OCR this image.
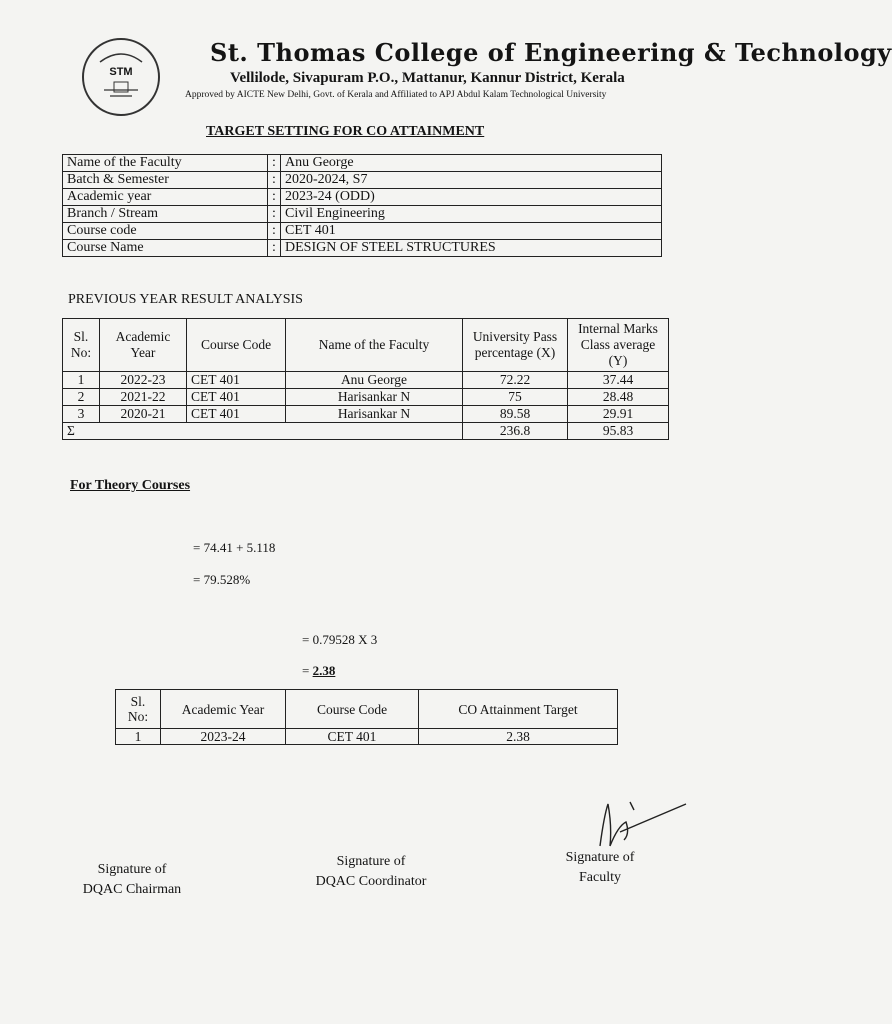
STM
St. Thomas College of Engineering & Technology
Vellilode, Sivapuram P.O., Mattanur, Kannur District, Kerala
Approved by AICTE New Delhi, Govt. of Kerala and Affiliated to APJ Abdul Kalam Technological University
TARGET SETTING FOR CO ATTAINMENT
Name of the Faculty	:	Anu George
Batch & Semester	:	2020-2024, S7
Academic year	:	2023-24 (ODD)
Branch / Stream	:	Civil Engineering
Course code	:	CET 401
Course Name	:	DESIGN OF STEEL STRUCTURES
PREVIOUS YEAR RESULT ANALYSIS
Sl. No:	Academic Year	Course Code	Name of the Faculty	University Pass percentage (X)	Internal Marks Class average (Y)
1	2022-23	CET 401	Anu George	72.22	37.44
2	2021-22	CET 401	Harisankar N	75	28.48
3	2020-21	CET 401	Harisankar N	89.58	29.91
Σ				236.8	95.83
For Theory Courses
= 74.41 + 5.118
= 79.528%
= 0.79528 X 3
= 2.38
Sl. No:	Academic Year	Course Code	CO Attainment Target
1	2023-24	CET 401	2.38
Signature of
DQAC Chairman
Signature of
DQAC Coordinator
Signature of
Faculty
